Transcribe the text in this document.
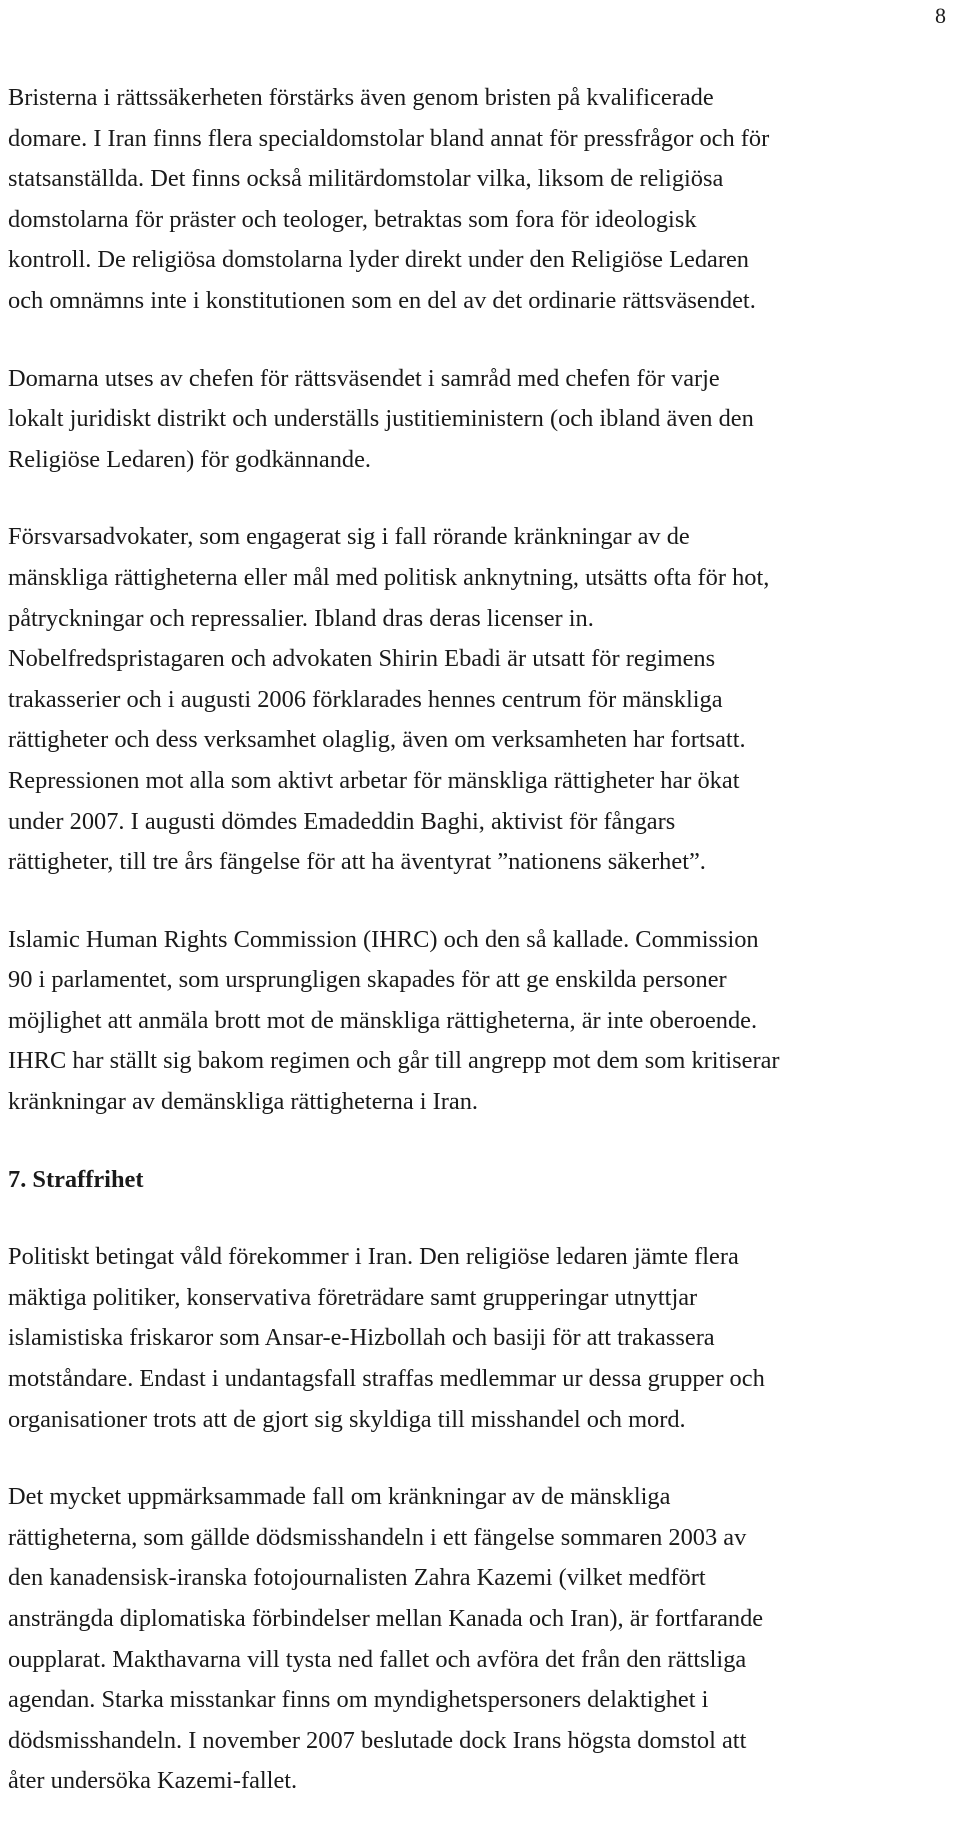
8

Bristerna i rättssäkerheten förstärks även genom bristen på kvalificerade
domare. I Iran finns flera specialdomstolar bland annat för pressfrågor och för
statsanställda. Det finns också militärdomstolar vilka, liksom de religiösa
domstolarna för präster och teologer, betraktas som fora för ideologisk
kontroll. De religiösa domstolarna lyder direkt under den Religiöse Ledaren
och omnämns inte i konstitutionen som en del av det ordinarie rättsväsendet.

Domarna utses av chefen för rättsväsendet i samråd med chefen för varje
lokalt juridiskt distrikt och underställs justitieministern (och ibland även den
Religiöse Ledaren) för godkännande.

Försvarsadvokater, som engagerat sig i fall rörande kränkningar av de
mänskliga rättigheterna eller mål med politisk anknytning, utsätts ofta för hot,
påtryckningar och repressalier. Ibland dras deras licenser in.
Nobelfredspristagaren och advokaten Shirin Ebadi är utsatt för regimens
trakasserier och i augusti 2006 förklarades hennes centrum för mänskliga
rättigheter och dess verksamhet olaglig, även om verksamheten har fortsatt.
Repressionen mot alla som aktivt arbetar för mänskliga rättigheter har ökat
under 2007. I augusti dömdes Emadeddin Baghi, aktivist för fångars
rättigheter, till tre års fängelse för att ha äventyrat ”nationens säkerhet”.

Islamic Human Rights Commission (IHRC) och den så kallade. Commission
90 i parlamentet, som ursprungligen skapades för att ge enskilda personer
möjlighet att anmäla brott mot de mänskliga rättigheterna, är inte oberoende.
IHRC har ställt sig bakom regimen och går till angrepp mot dem som kritiserar
kränkningar av demänskliga rättigheterna i Iran.

7. Straffrihet

Politiskt betingat våld förekommer i Iran. Den religiöse ledaren jämte flera
mäktiga politiker, konservativa företrädare samt grupperingar utnyttjar
islamistiska friskaror som Ansar-e-Hizbollah och basiji för att trakassera
motståndare. Endast i undantagsfall straffas medlemmar ur dessa grupper och
organisationer trots att de gjort sig skyldiga till misshandel och mord.

Det mycket uppmärksammade fall om kränkningar av de mänskliga
rättigheterna, som gällde dödsmisshandeln i ett fängelse sommaren 2003 av
den kanadensisk-iranska fotojournalisten Zahra Kazemi (vilket medfört
ansträngda diplomatiska förbindelser mellan Kanada och Iran), är fortfarande
oupplarat. Makthavarna vill tysta ned fallet och avföra det från den rättsliga
agendan. Starka misstankar finns om myndighetspersoners delaktighet i
dödsmisshandeln. I november 2007 beslutade dock Irans högsta domstol att
åter undersöka Kazemi-fallet.
